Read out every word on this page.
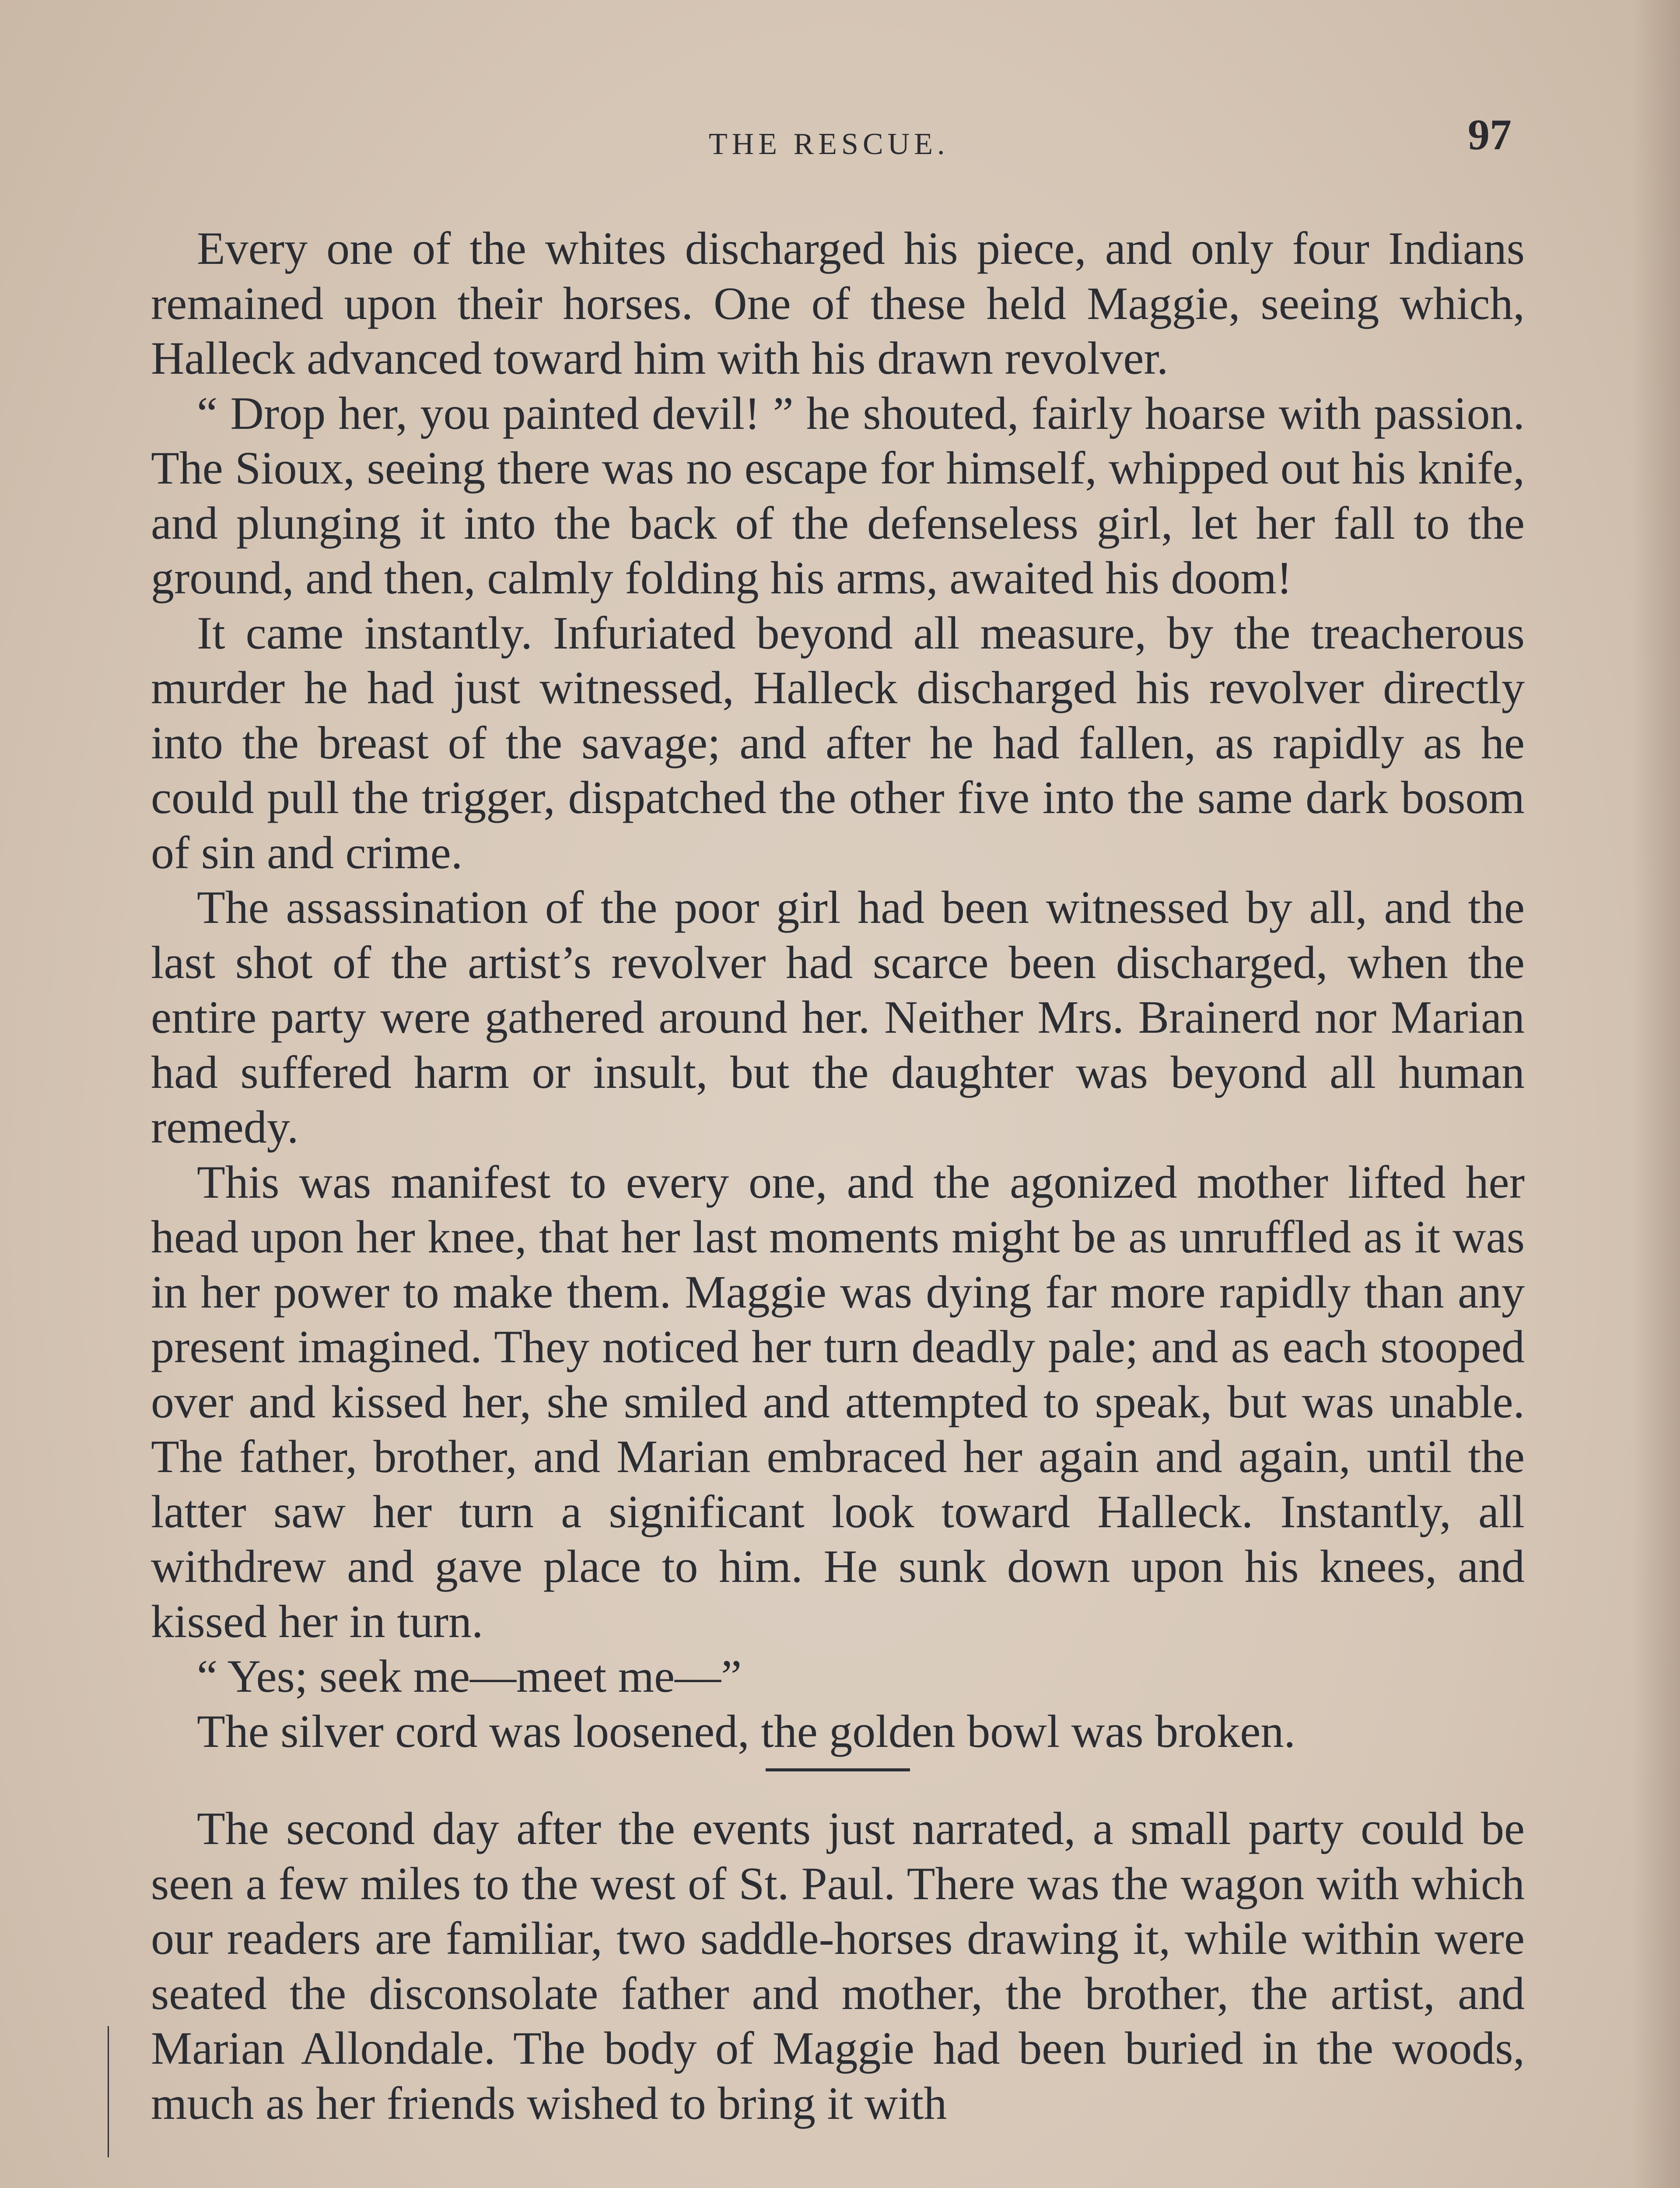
THE RESCUE.	97

Every one of the whites discharged his piece, and only four Indians remained upon their horses. One of these held Maggie, seeing which, Halleck advanced toward him with his drawn revolver.

“ Drop her, you painted devil! ” he shouted, fairly hoarse with passion. The Sioux, seeing there was no escape for himself, whipped out his knife, and plunging it into the back of the defenseless girl, let her fall to the ground, and then, calmly folding his arms, awaited his doom!

It came instantly. Infuriated beyond all measure, by the treacherous murder he had just witnessed, Halleck discharged his revolver directly into the breast of the savage; and after he had fallen, as rapidly as he could pull the trigger, dispatched the other five into the same dark bosom of sin and crime.

The assassination of the poor girl had been witnessed by all, and the last shot of the artist’s revolver had scarce been discharged, when the entire party were gathered around her. Neither Mrs. Brainerd nor Marian had suffered harm or insult, but the daughter was beyond all human remedy.

This was manifest to every one, and the agonized mother lifted her head upon her knee, that her last moments might be as unruffled as it was in her power to make them. Maggie was dying far more rapidly than any present imagined. They noticed her turn deadly pale; and as each stooped over and kissed her, she smiled and attempted to speak, but was unable. The father, brother, and Marian embraced her again and again, until the latter saw her turn a significant look toward Halleck. Instantly, all withdrew and gave place to him. He sunk down upon his knees, and kissed her in turn.

“ Yes; seek me—meet me—”

The silver cord was loosened, the golden bowl was broken.

The second day after the events just narrated, a small party could be seen a few miles to the west of St. Paul. There was the wagon with which our readers are familiar, two saddle-horses drawing it, while within were seated the disconsolate father and mother, the brother, the artist, and Marian Allondale. The body of Maggie had been buried in the woods, much as her friends wished to bring it with
